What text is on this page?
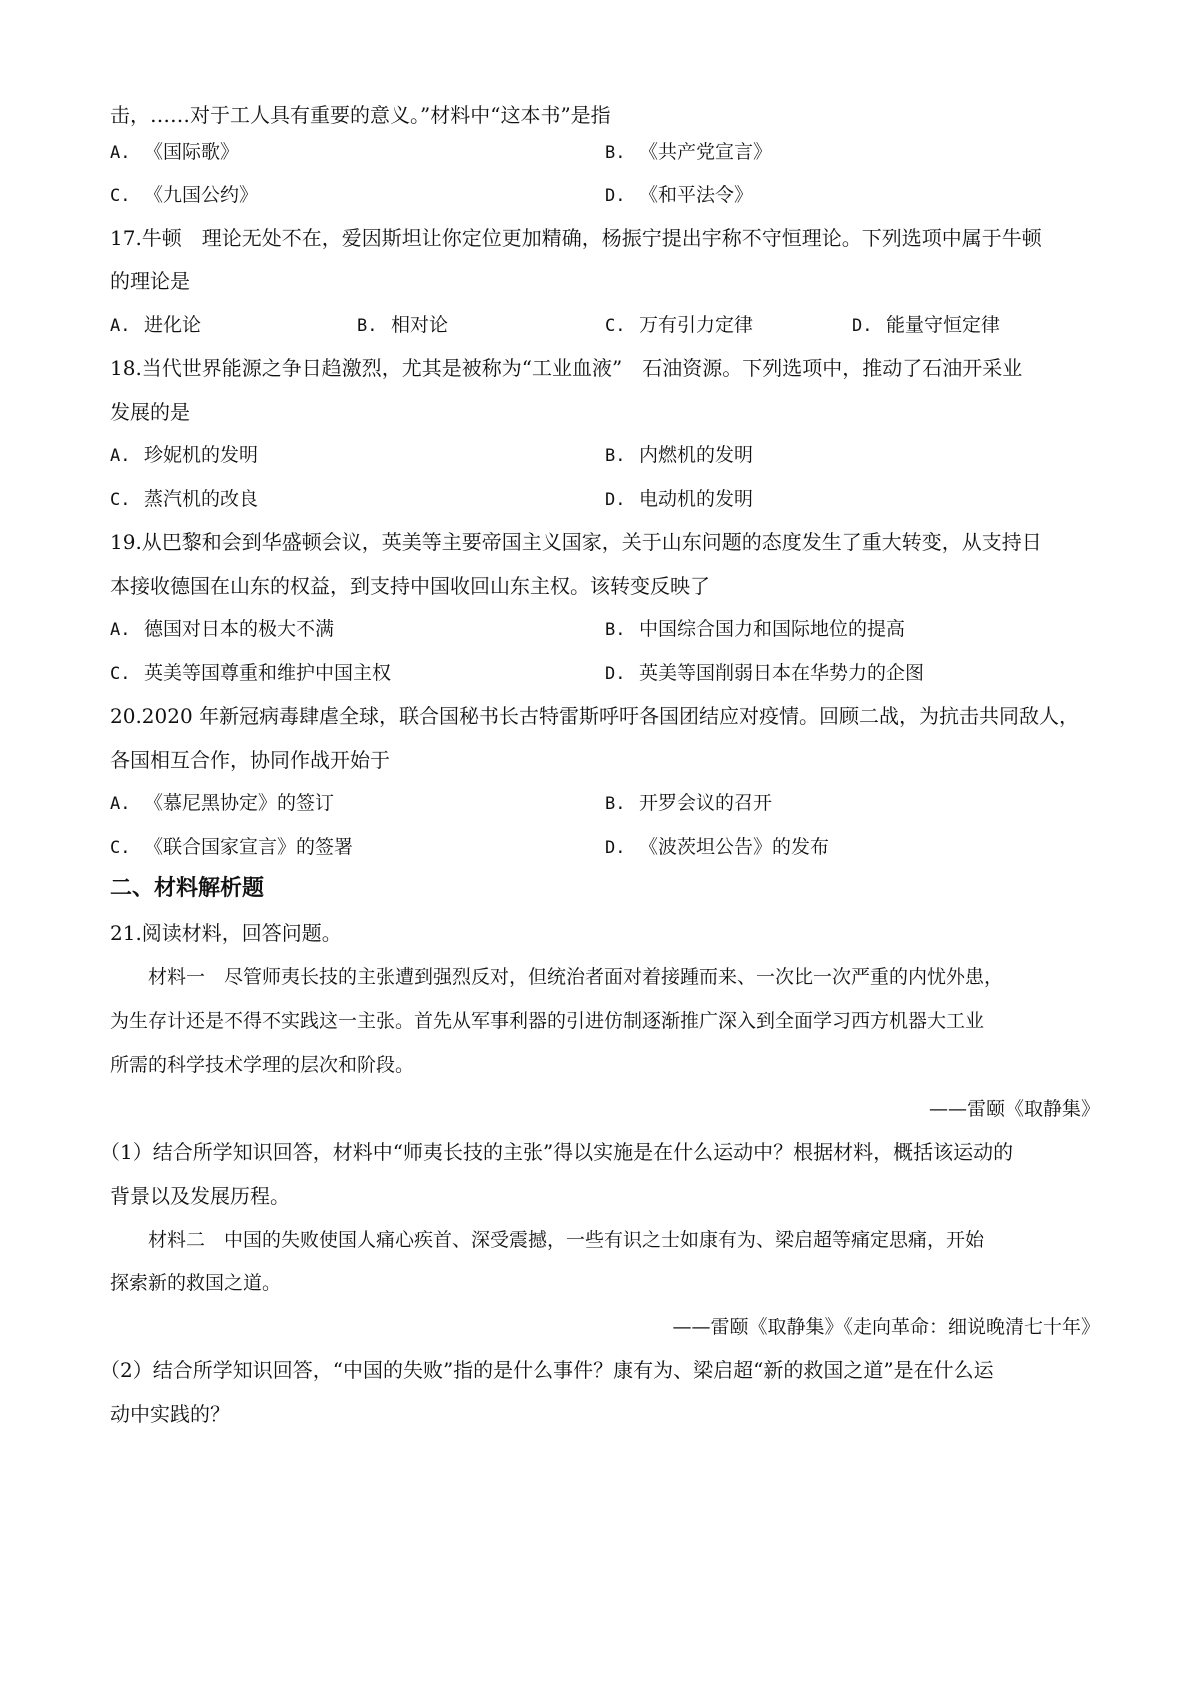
击，……对于工人具有重要的意义。”材料中“这本书”是指
A. 《国际歌》	B. 《共产党宣言》
C. 《九国公约》	D. 《和平法令》
17.牛顿　理论无处不在，爱因斯坦让你定位更加精确，杨振宁提出宇称不守恒理论。下列选项中属于牛顿
的理论是
A. 进化论	B. 相对论	C. 万有引力定律	D. 能量守恒定律
18.当代世界能源之争日趋激烈，尤其是被称为“工业血液”　石油资源。下列选项中，推动了石油开采业
发展的是
A. 珍妮机的发明	B. 内燃机的发明
C. 蒸汽机的改良	D. 电动机的发明
19.从巴黎和会到华盛顿会议，英美等主要帝国主义国家，关于山东问题的态度发生了重大转变，从支持日
本接收德国在山东的权益，到支持中国收回山东主权。该转变反映了
A. 德国对日本的极大不满	B. 中国综合国力和国际地位的提高
C. 英美等国尊重和维护中国主权	D. 英美等国削弱日本在华势力的企图
20.2020 年新冠病毒肆虐全球，联合国秘书长古特雷斯呼吁各国团结应对疫情。回顾二战，为抗击共同敌人，
各国相互合作，协同作战开始于
A. 《慕尼黑协定》的签订	B. 开罗会议的召开
C. 《联合国家宣言》的签署	D. 《波茨坦公告》的发布
二、材料解析题
21.阅读材料，回答问题。
材料一　尽管师夷长技的主张遭到强烈反对，但统治者面对着接踵而来、一次比一次严重的内忧外患，
为生存计还是不得不实践这一主张。首先从军事利器的引进仿制逐渐推广深入到全面学习西方机器大工业
所需的科学技术学理的层次和阶段。
——雷颐《取静集》
（1）结合所学知识回答，材料中“师夷长技的主张”得以实施是在什么运动中？根据材料，概括该运动的
背景以及发展历程。
材料二　中国的失败使国人痛心疾首、深受震撼，一些有识之士如康有为、梁启超等痛定思痛，开始
探索新的救国之道。
——雷颐《取静集》《走向革命：细说晚清七十年》
（2）结合所学知识回答，“中国的失败”指的是什么事件？康有为、梁启超“新的救国之道”是在什么运
动中实践的？
